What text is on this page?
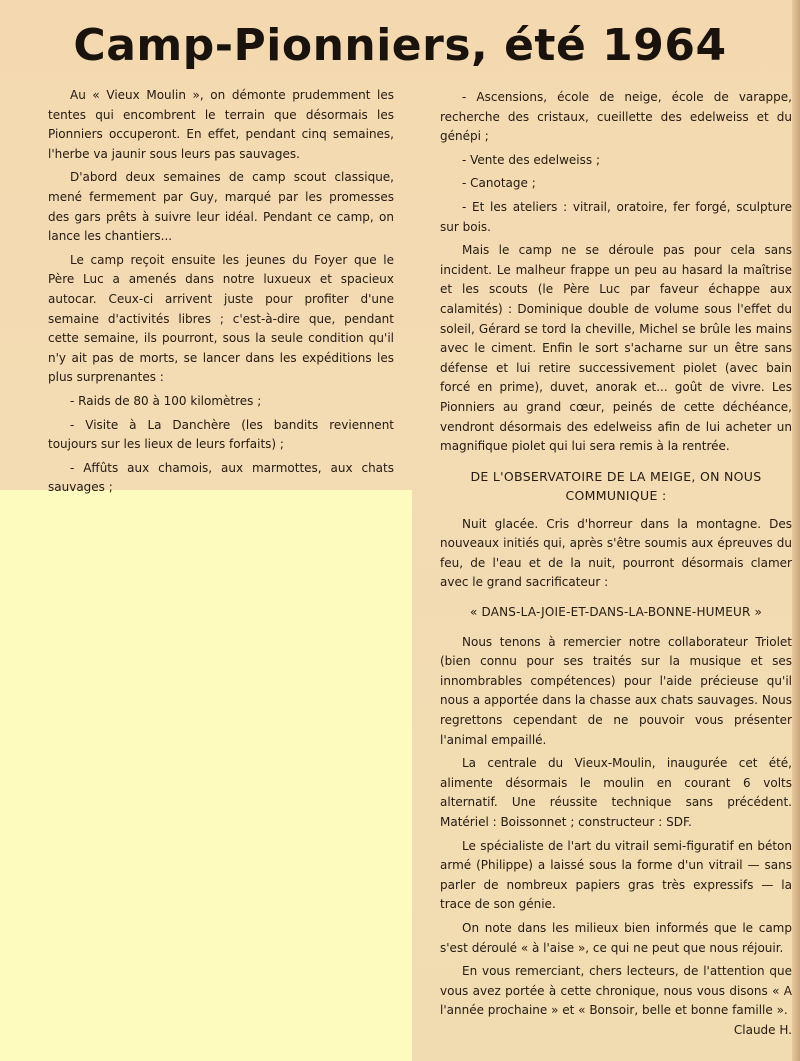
Camp-Pionniers, été 1964

Au « Vieux Moulin », on démonte prudemment les tentes qui encombrent le terrain que désormais les Pionniers occuperont. En effet, pendant cinq semaines, l'herbe va jaunir sous leurs pas sauvages.

D'abord deux semaines de camp scout classique, mené fermement par Guy, marqué par les promesses des gars prêts à suivre leur idéal. Pendant ce camp, on lance les chantiers...

Le camp reçoit ensuite les jeunes du Foyer que le Père Luc a amenés dans notre luxueux et spacieux autocar. Ceux-ci arrivent juste pour profiter d'une semaine d'activités libres ; c'est-à-dire que, pendant cette semaine, ils pourront, sous la seule condition qu'il n'y ait pas de morts, se lancer dans les expéditions les plus surprenantes :

- Raids de 80 à 100 kilomètres ;

- Visite à La Danchère (les bandits reviennent toujours sur les lieux de leurs forfaits) ;

- Affûts aux chamois, aux marmottes, aux chats sauvages ;

- Ascensions, école de neige, école de varappe, recherche des cristaux, cueillette des edelweiss et du génépi ;

- Vente des edelweiss ;

- Canotage ;

- Et les ateliers : vitrail, oratoire, fer forgé, sculpture sur bois.

Mais le camp ne se déroule pas pour cela sans incident. Le malheur frappe un peu au hasard la maîtrise et les scouts (le Père Luc par faveur échappe aux calamités) : Dominique double de volume sous l'effet du soleil, Gérard se tord la cheville, Michel se brûle les mains avec le ciment. Enfin le sort s'acharne sur un être sans défense et lui retire successivement piolet (avec bain forcé en prime), duvet, anorak et... goût de vivre. Les Pionniers au grand cœur, peinés de cette déchéance, vendront désormais des edelweiss afin de lui acheter un magnifique piolet qui lui sera remis à la rentrée.

DE L'OBSERVATOIRE DE LA MEIGE, ON NOUS COMMUNIQUE :

Nuit glacée. Cris d'horreur dans la montagne. Des nouveaux initiés qui, après s'être soumis aux épreuves du feu, de l'eau et de la nuit, pourront désormais clamer avec le grand sacrificateur :

« DANS-LA-JOIE-ET-DANS-LA-BONNE-HUMEUR »

Nous tenons à remercier notre collaborateur Triolet (bien connu pour ses traités sur la musique et ses innombrables compétences) pour l'aide précieuse qu'il nous a apportée dans la chasse aux chats sauvages. Nous regrettons cependant de ne pouvoir vous présenter l'animal empaillé.

La centrale du Vieux-Moulin, inaugurée cet été, alimente désormais le moulin en courant 6 volts alternatif. Une réussite technique sans précédent. Matériel : Boissonnet ; constructeur : SDF.

Le spécialiste de l'art du vitrail semi-figuratif en béton armé (Philippe) a laissé sous la forme d'un vitrail — sans parler de nombreux papiers gras très expressifs — la trace de son génie.

On note dans les milieux bien informés que le camp s'est déroulé « à l'aise », ce qui ne peut que nous réjouir.

En vous remerciant, chers lecteurs, de l'attention que vous avez portée à cette chronique, nous vous disons « A l'année prochaine » et « Bonsoir, belle et bonne famille ».
Claude H.
